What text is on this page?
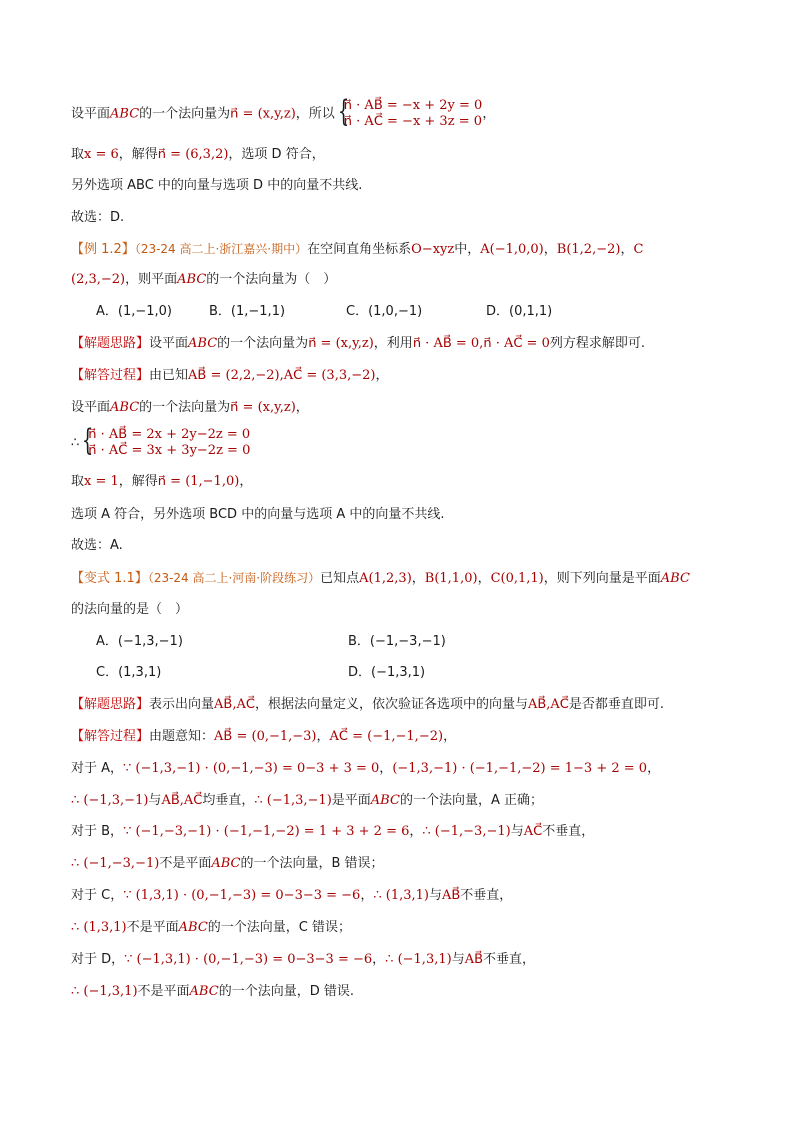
设平面ABC的一个法向量为n⃗ = (x,y,z)，所以
{ n⃗ · AB⃗ = −x + 2y = 0
n⃗ · AC⃗ = −x + 3z = 0 ，
取x = 6，解得n⃗ = (6,3,2)，选项 D 符合，
另外选项 ABC 中的向量与选项 D 中的向量不共线.
故选：D.
【例 1.2】（23-24 高二上·浙江嘉兴·期中）在空间直角坐标系O−xyz中，A(−1,0,0)，B(1,2,−2)，C
(2,3,−2)，则平面ABC的一个法向量为（　）
A．(1,−1,0)	B．(1,−1,1)	C．(1,0,−1)	D．(0,1,1)
【解题思路】设平面ABC的一个法向量为n⃗ = (x,y,z)，利用n⃗ · AB⃗ = 0,n⃗ · AC⃗ = 0列方程求解即可.
【解答过程】由已知AB⃗ = (2,2,−2),AC⃗ = (3,3,−2)，
设平面ABC的一个法向量为n⃗ = (x,y,z)，
∴
{ n⃗ · AB⃗ = 2x + 2y−2z = 0
n⃗ · AC⃗ = 3x + 3y−2z = 0
取x = 1，解得n⃗ = (1,−1,0)，
选项 A 符合，另外选项 BCD 中的向量与选项 A 中的向量不共线.
故选：A.
【变式 1.1】（23-24 高二上·河南·阶段练习）已知点A(1,2,3)，B(1,1,0)，C(0,1,1)，则下列向量是平面ABC
的法向量的是（　）
A．(−1,3,−1)	B．(−1,−3,−1)
C．(1,3,1)	D．(−1,3,1)
【解题思路】表示出向量AB⃗,AC⃗，根据法向量定义，依次验证各选项中的向量与AB⃗,AC⃗是否都垂直即可.
【解答过程】由题意知：AB⃗ = (0,−1,−3)，AC⃗ = (−1,−1,−2)，
对于 A，∵ (−1,3,−1) · (0,−1,−3) = 0−3 + 3 = 0，(−1,3,−1) · (−1,−1,−2) = 1−3 + 2 = 0，
∴ (−1,3,−1)与AB⃗,AC⃗均垂直，∴ (−1,3,−1)是平面ABC的一个法向量，A 正确；
对于 B，∵ (−1,−3,−1) · (−1,−1,−2) = 1 + 3 + 2 = 6，∴ (−1,−3,−1)与AC⃗不垂直，
∴ (−1,−3,−1)不是平面ABC的一个法向量，B 错误；
对于 C，∵ (1,3,1) · (0,−1,−3) = 0−3−3 = −6，∴ (1,3,1)与AB⃗不垂直，
∴ (1,3,1)不是平面ABC的一个法向量，C 错误；
对于 D，∵ (−1,3,1) · (0,−1,−3) = 0−3−3 = −6，∴ (−1,3,1)与AB⃗不垂直，
∴ (−1,3,1)不是平面ABC的一个法向量，D 错误.
